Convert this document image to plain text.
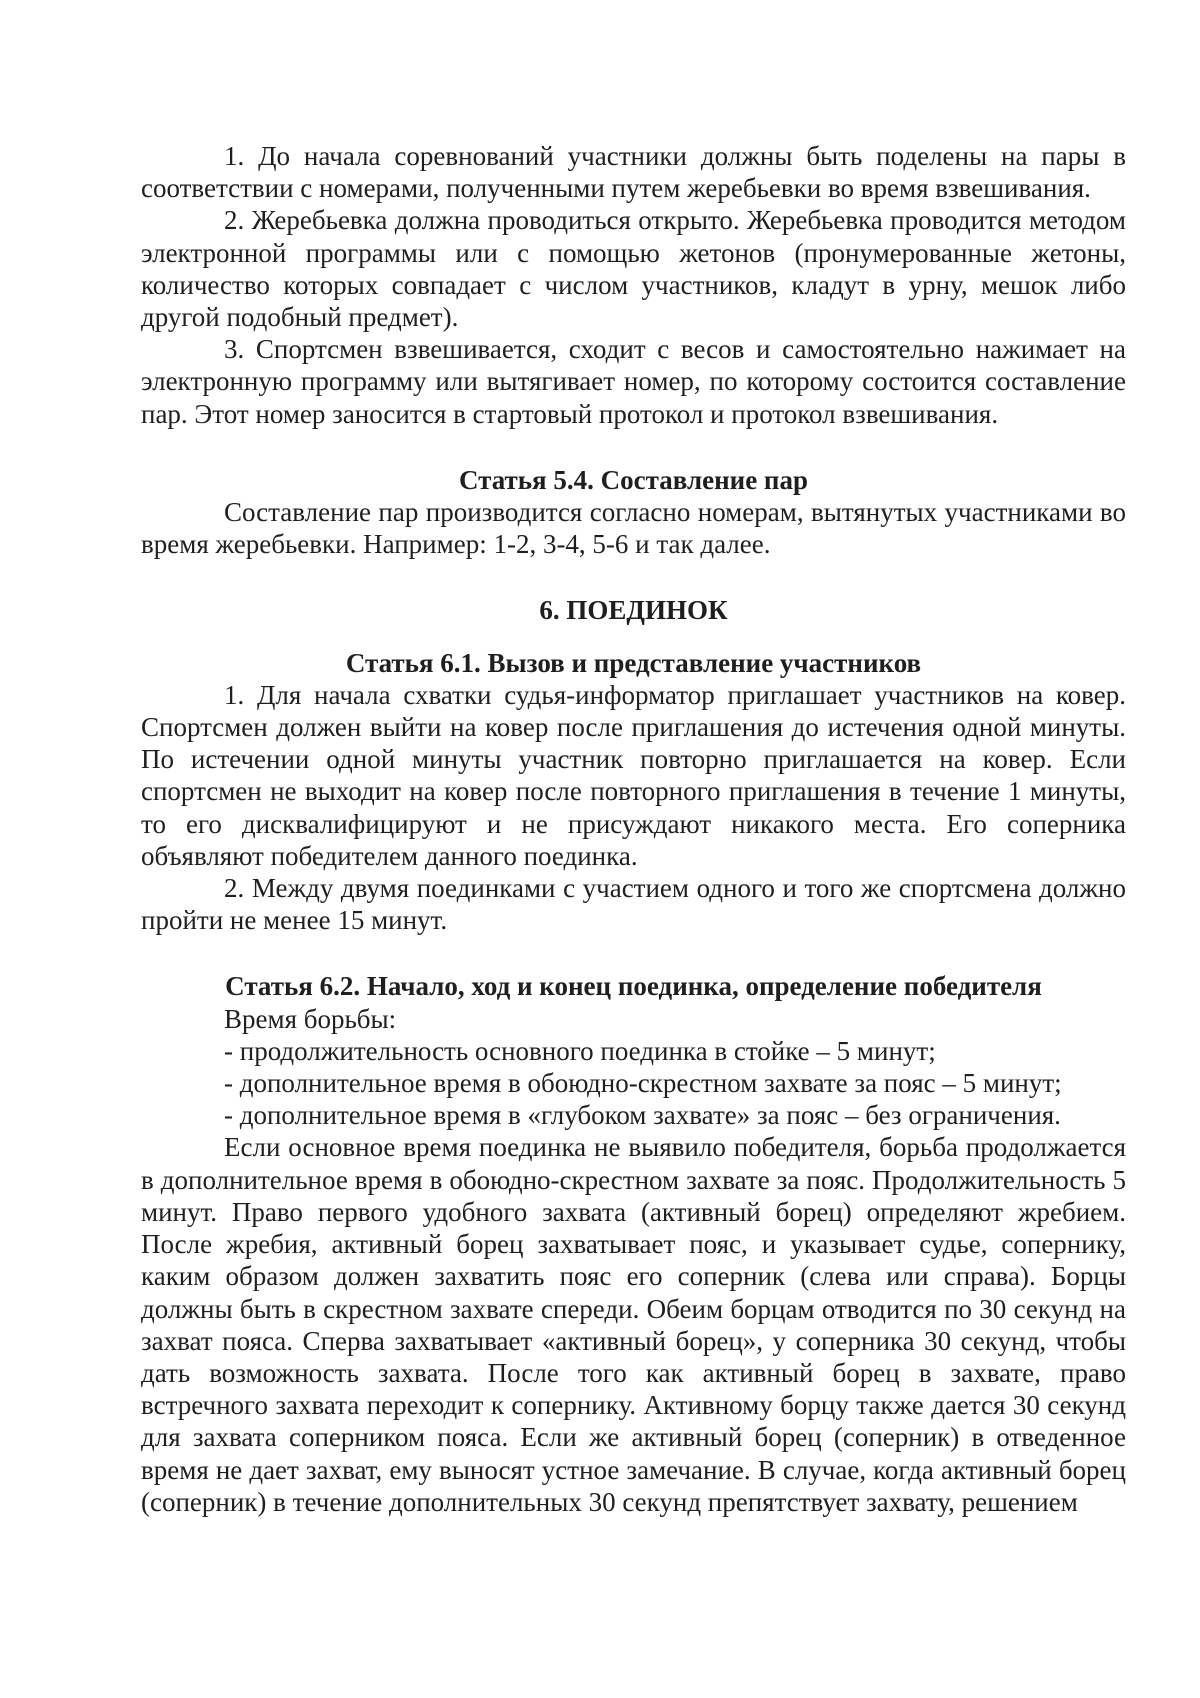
1. До начала соревнований участники должны быть поделены на пары в соответствии с номерами, полученными путем жеребьевки во время взвешивания.

2. Жеребьевка должна проводиться открыто. Жеребьевка проводится методом электронной программы или с помощью жетонов (пронумерованные жетоны, количество которых совпадает с числом участников, кладут в урну, мешок либо другой подобный предмет).

3. Спортсмен взвешивается, сходит с весов и самостоятельно нажимает на электронную программу или вытягивает номер, по которому состоится составление пар. Этот номер заносится в стартовый протокол и протокол взвешивания.

Статья 5.4. Составление пар

Составление пар производится согласно номерам, вытянутых участниками во время жеребьевки. Например: 1-2, 3-4, 5-6 и так далее.

6. ПОЕДИНОК

Статья 6.1. Вызов и представление участников

1. Для начала схватки судья-информатор приглашает участников на ковер. Спортсмен должен выйти на ковер после приглашения до истечения одной минуты. По истечении одной минуты участник повторно приглашается на ковер. Если спортсмен не выходит на ковер после повторного приглашения в течение 1 минуты, то его дисквалифицируют и не присуждают никакого места. Его соперника объявляют победителем данного поединка.

2. Между двумя поединками с участием одного и того же спортсмена должно пройти не менее 15 минут.

Статья 6.2. Начало, ход и конец поединка, определение победителя

Время борьбы:

- продолжительность основного поединка в стойке – 5 минут;

- дополнительное время в обоюдно-скрестном захвате за пояс – 5 минут;

- дополнительное время в «глубоком захвате» за пояс – без ограничения.

Если основное время поединка не выявило победителя, борьба продолжается в дополнительное время в обоюдно-скрестном захвате за пояс. Продолжительность 5 минут. Право первого удобного захвата (активный борец) определяют жребием. После жребия, активный борец захватывает пояс, и указывает судье, сопернику, каким образом должен захватить пояс его соперник (слева или справа). Борцы должны быть в скрестном захвате спереди. Обеим борцам отводится по 30 секунд на захват пояса. Сперва захватывает «активный борец», у соперника 30 секунд, чтобы дать возможность захвата. После того как активный борец в захвате, право встречного захвата переходит к сопернику. Активному борцу также дается 30 секунд для захвата соперником пояса. Если же активный борец (соперник) в отведенное время не дает захват, ему выносят устное замечание. В случае, когда активный борец (соперник) в течение дополнительных 30 секунд препятствует захвату, решением
